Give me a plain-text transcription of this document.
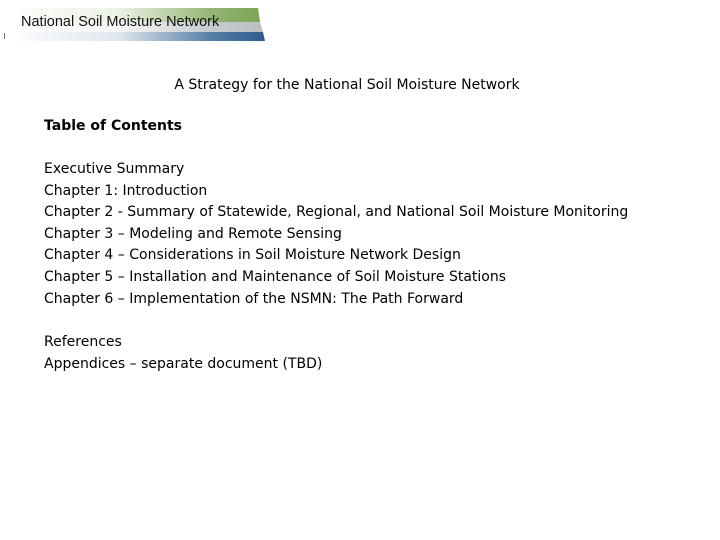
National Soil Moisture Network
A Strategy for the National Soil Moisture Network
Table of Contents
Executive Summary
Chapter 1: Introduction
Chapter 2 - Summary of Statewide, Regional, and National Soil Moisture Monitoring
Chapter 3 – Modeling and Remote Sensing
Chapter 4 – Considerations in Soil Moisture Network Design
Chapter 5 – Installation and Maintenance of Soil Moisture Stations
Chapter 6 – Implementation of the NSMN: The Path Forward
References
Appendices – separate document (TBD)
